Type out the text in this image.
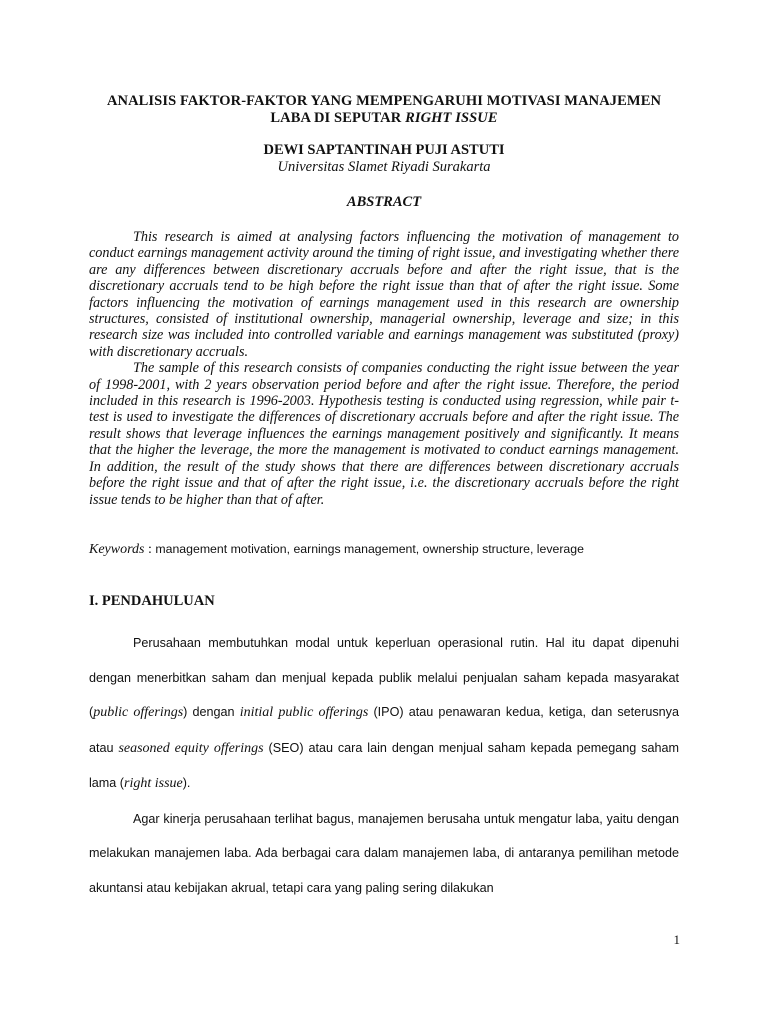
ANALISIS FAKTOR-FAKTOR YANG MEMPENGARUHI MOTIVASI MANAJEMEN
LABA DI SEPUTAR RIGHT ISSUE
DEWI SAPTANTINAH PUJI ASTUTI
Universitas Slamet Riyadi Surakarta
ABSTRACT

This research is aimed at analysing factors influencing the motivation of management to conduct earnings management activity around the timing of right issue, and investigating whether there are any differences between discretionary accruals before and after the right issue, that is the discretionary accruals tend to be high before the right issue than that of after the right issue. Some factors influencing the motivation of earnings management used in this research are ownership structures, consisted of institutional ownership, managerial ownership, leverage and size; in this research size was included into controlled variable and earnings management was substituted (proxy) with discretionary accruals.

The sample of this research consists of companies conducting the right issue between the year of 1998-2001, with 2 years observation period before and after the right issue. Therefore, the period included in this research is 1996-2003. Hypothesis testing is conducted using regression, while pair t-test is used to investigate the differences of discretionary accruals before and after the right issue. The result shows that leverage influences the earnings management positively and significantly. It means that the higher the leverage, the more the management is motivated to conduct earnings management. In addition, the result of the study shows that there are differences between discretionary accruals before the right issue and that of after the right issue, i.e. the discretionary accruals before the right issue tends to be higher than that of after.

Keywords : management motivation, earnings management, ownership structure, leverage
I. PENDAHULUAN

Perusahaan membutuhkan modal untuk keperluan operasional rutin. Hal itu dapat dipenuhi dengan menerbitkan saham dan menjual kepada publik melalui penjualan saham kepada masyarakat (public offerings) dengan initial public offerings (IPO) atau penawaran kedua, ketiga, dan seterusnya atau seasoned equity offerings (SEO) atau cara lain dengan menjual saham kepada pemegang saham lama (right issue).

Agar kinerja perusahaan terlihat bagus, manajemen berusaha untuk mengatur laba, yaitu dengan melakukan manajemen laba. Ada berbagai cara dalam manajemen laba, di antaranya pemilihan metode akuntansi atau kebijakan akrual, tetapi cara yang paling sering dilakukan

1
